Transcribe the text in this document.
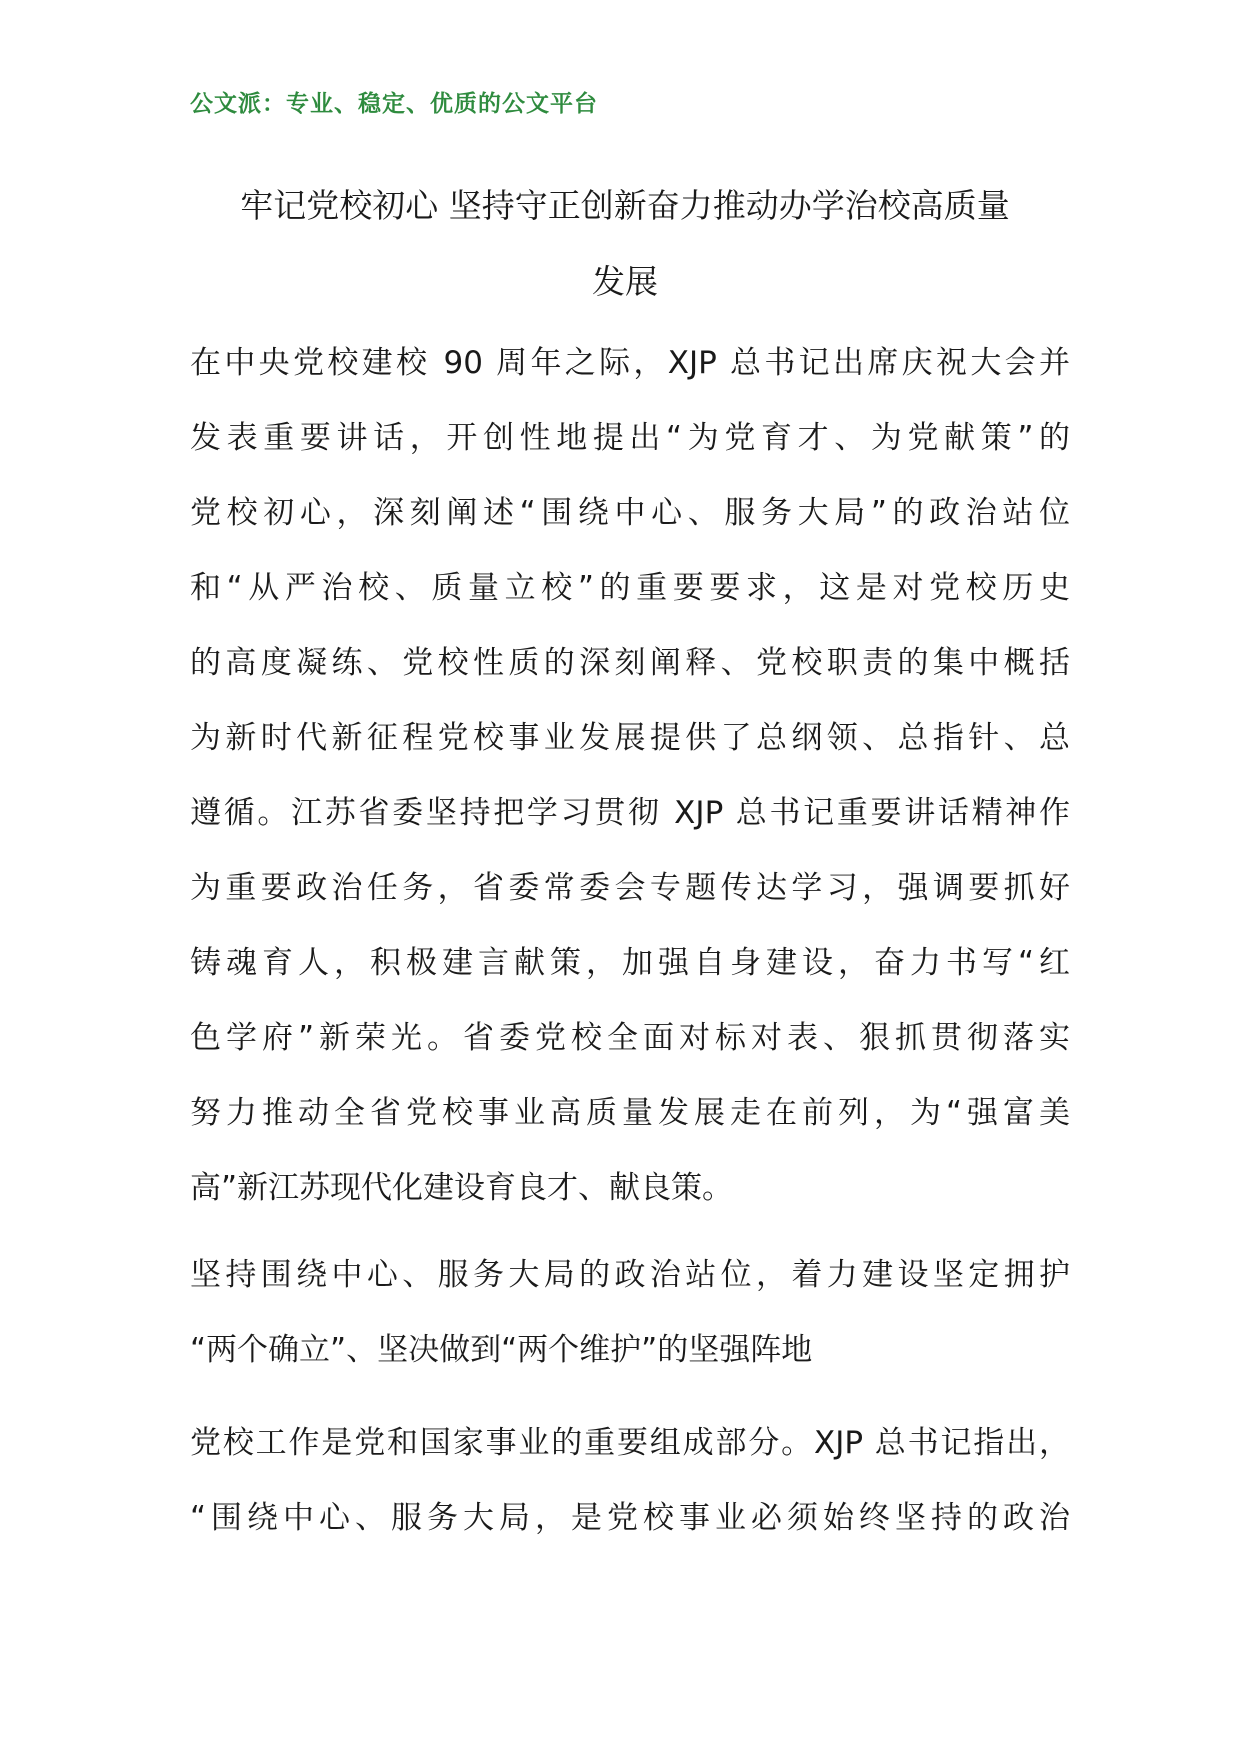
公文派：专业、稳定、优质的公文平台
牢记党校初心 坚持守正创新奋力推动办学治校高质量
发展
在中央党校建校 90 周年之际，XJP 总书记出席庆祝大会并
发表重要讲话，开创性地提出“为党育才、为党献策”的
党校初心，深刻阐述“围绕中心、服务大局”的政治站位
和“从严治校、质量立校”的重要要求，这是对党校历史
的高度凝练、党校性质的深刻阐释、党校职责的集中概括
为新时代新征程党校事业发展提供了总纲领、总指针、总
遵循。江苏省委坚持把学习贯彻 XJP 总书记重要讲话精神作
为重要政治任务，省委常委会专题传达学习，强调要抓好
铸魂育人，积极建言献策，加强自身建设，奋力书写“红
色学府”新荣光。省委党校全面对标对表、狠抓贯彻落实
努力推动全省党校事业高质量发展走在前列，为“强富美
高”新江苏现代化建设育良才、献良策。
坚持围绕中心、服务大局的政治站位，着力建设坚定拥护
“两个确立”、坚决做到“两个维护”的坚强阵地
党校工作是党和国家事业的重要组成部分。XJP 总书记指出，
“围绕中心、服务大局，是党校事业必须始终坚持的政治
